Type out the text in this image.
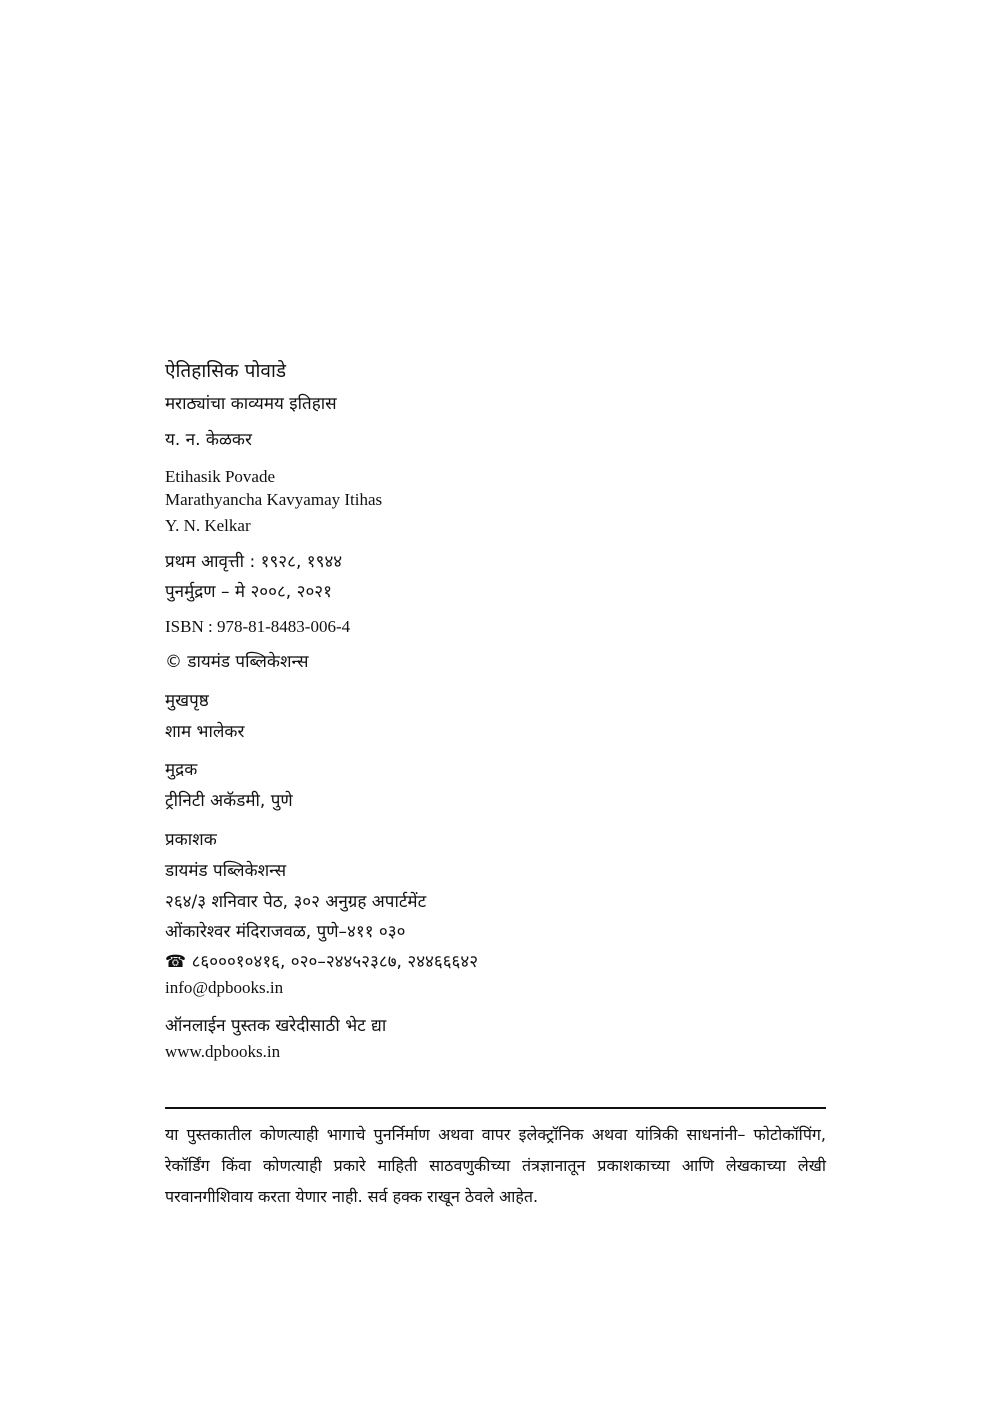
ऐतिहासिक पोवाडे
मराठ्यांचा काव्यमय इतिहास
य. न. केळकर
Etihasik Povade
Marathyancha Kavyamay Itihas
Y. N. Kelkar
प्रथम आवृत्ती : १९२८, १९४४
पुनर्मुद्रण – मे २००८, २०२१
ISBN : 978-81-8483-006-4
© डायमंड पब्लिकेशन्स
मुखपृष्ठ
शाम भालेकर
मुद्रक
ट्रीनिटी अकॅडमी, पुणे
प्रकाशक
डायमंड पब्लिकेशन्स
२६४/३ शनिवार पेठ, ३०२ अनुग्रह अपार्टमेंट
ओंकारेश्वर मंदिराजवळ, पुणे–४११ ०३०
☎ ८६०००१०४१६, ०२०–२४४५२३८७, २४४६६६४२
info@dpbooks.in
ऑनलाईन पुस्तक खरेदीसाठी भेट द्या
www.dpbooks.in
या पुस्तकातील कोणत्याही भागाचे पुनर्निर्माण अथवा वापर इलेक्ट्रॉनिक अथवा यांत्रिकी साधनांनी– फोटोकॉपिंग, रेकॉर्डिंग किंवा कोणत्याही प्रकारे माहिती साठवणुकीच्या तंत्रज्ञानातून प्रकाशकाच्या आणि लेखकाच्या लेखी परवानगीशिवाय करता येणार नाही. सर्व हक्क राखून ठेवले आहेत.
